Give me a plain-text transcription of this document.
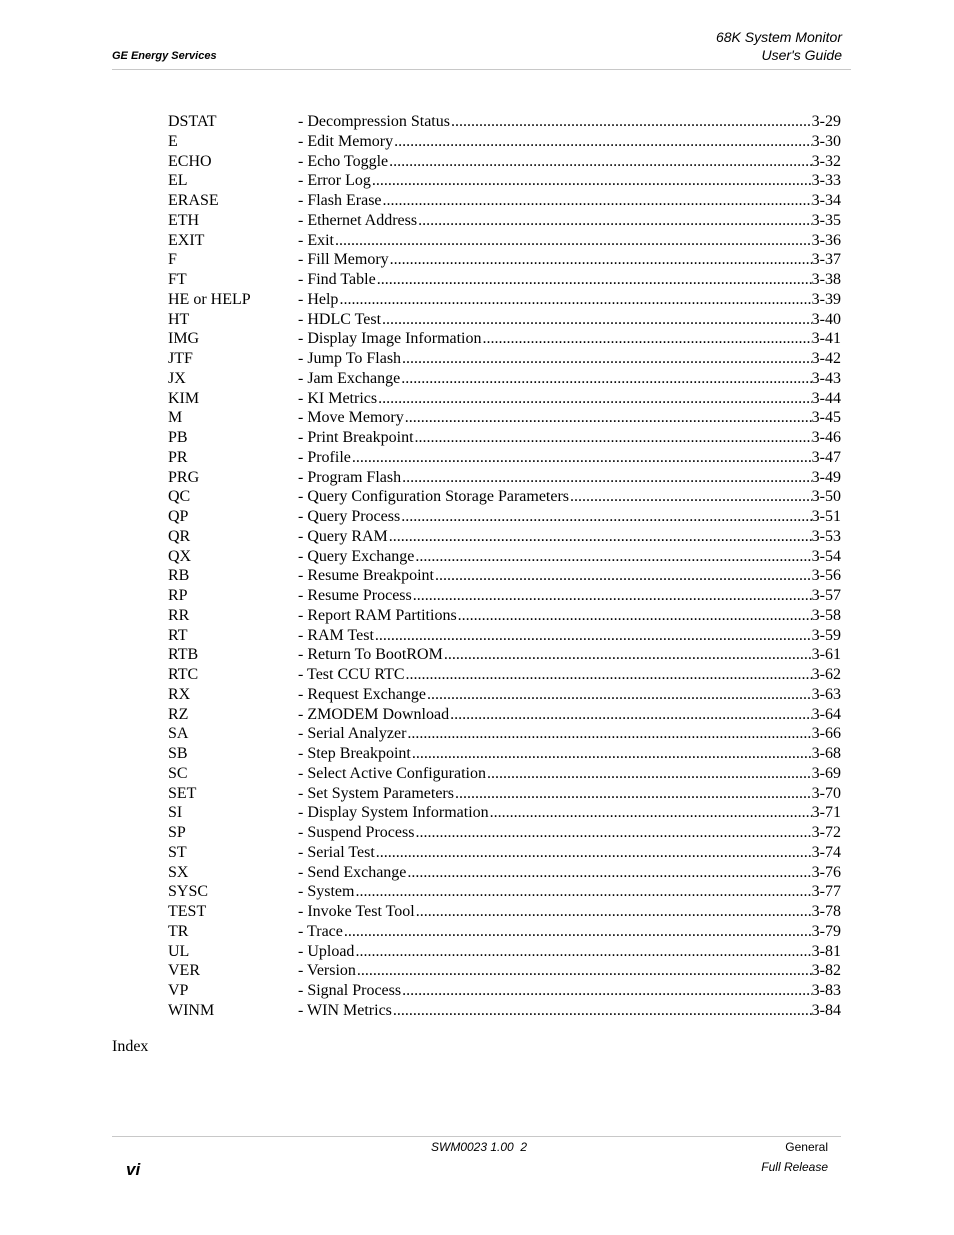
GE Energy Services
68K System Monitor
User's Guide
DSTAT	- Decompression Status .....	3-29
E	- Edit Memory .....	3-30
ECHO	- Echo Toggle .....	3-32
EL	- Error Log .....	3-33
ERASE	- Flash Erase .....	3-34
ETH	- Ethernet Address .....	3-35
EXIT	- Exit .....	3-36
F	- Fill Memory .....	3-37
FT	- Find Table .....	3-38
HE or HELP	- Help .....	3-39
HT	- HDLC Test .....	3-40
IMG	- Display Image Information .....	3-41
JTF	- Jump To Flash .....	3-42
JX	- Jam Exchange .....	3-43
KIM	- KI Metrics .....	3-44
M	- Move Memory .....	3-45
PB	- Print Breakpoint .....	3-46
PR	- Profile .....	3-47
PRG	- Program Flash .....	3-49
QC	- Query Configuration Storage Parameters .....	3-50
QP	- Query Process .....	3-51
QR	- Query RAM .....	3-53
QX	- Query Exchange .....	3-54
RB	- Resume Breakpoint .....	3-56
RP	- Resume Process .....	3-57
RR	- Report RAM Partitions .....	3-58
RT	- RAM Test .....	3-59
RTB	- Return To BootROM .....	3-61
RTC	- Test CCU RTC .....	3-62
RX	- Request Exchange .....	3-63
RZ	- ZMODEM Download .....	3-64
SA	- Serial Analyzer .....	3-66
SB	- Step Breakpoint .....	3-68
SC	- Select Active Configuration .....	3-69
SET	- Set System Parameters .....	3-70
SI	- Display System Information .....	3-71
SP	- Suspend Process .....	3-72
ST	- Serial Test .....	3-74
SX	- Send Exchange .....	3-76
SYSC	- System .....	3-77
TEST	- Invoke Test Tool .....	3-78
TR	- Trace .....	3-79
UL	- Upload .....	3-81
VER	- Version .....	3-82
VP	- Signal Process .....	3-83
WINM	- WIN Metrics .....	3-84
Index
SWM0023 1.00  2
vi
General
Full Release
